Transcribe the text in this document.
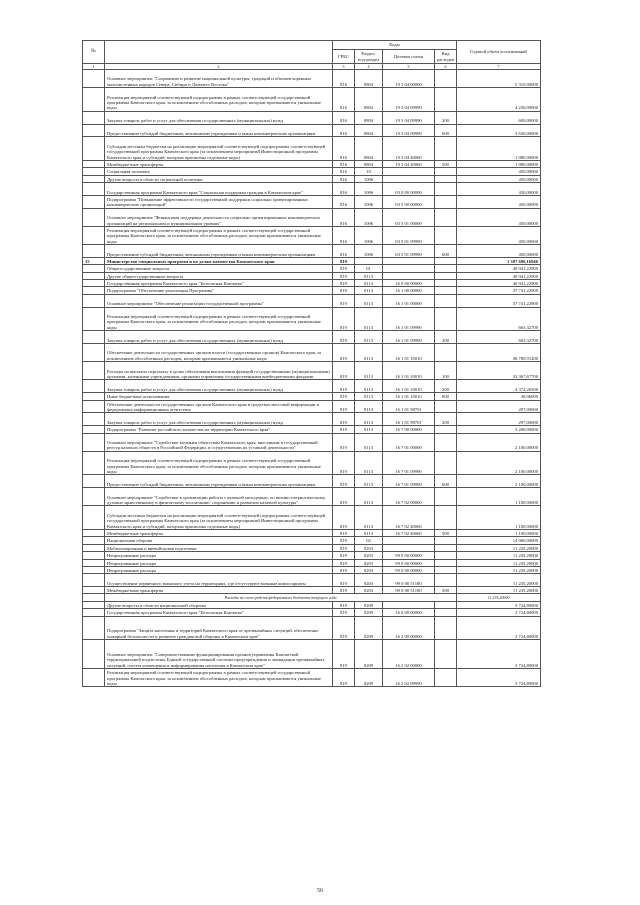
№		Коды				Годовой объем ассигнований
		ГРБС	Раздел, под-раздел	Целевая статья	Вид расходов	
1	2	3	4	5	6	7
	Основное мероприятие "Сохранение и развитие национальной культуры, традиций и обычаев коренных малочисленных народов Севера, Сибири и Дальнего Востока"	816	0804	19 3 04 00000		5 310,00000
	Реализация мероприятий соответствующей подпрограммы в рамках соответствующей государственной программы Камчатского края, за исключением обособленных расходов, которым присваиваются уникальные коды	816	0804	19 3 04 09990		4 230,00000
	Закупка товаров, работ и услуг для обеспечения государственных (муниципальных) нужд	816	0804	19 3 04 09990	200	600,00000
	Предоставление субсидий бюджетным, автономным учреждениям и иным некоммерческим организациям	816	0804	19 3 04 09990	600	3 630,00000
	Субсидии местным бюджетам на реализацию мероприятий соответствующей подпрограммы соответствующей государственной программы Камчатского края (за исключением мероприятий Инвестиционной программы Камчатского края и субсидий, которым присвоены отдельные коды)	816	0804	19 3 04 40060		1 080,00000
	Межбюджетные трансферты	816	0804	19 3 04 40060	500	1 080,00000
	Социальная политика	816	10			450,00000
	Другие вопросы в области социальной политики	816	1006			450,00000
	Государственная программа Камчатского края "Социальная поддержка граждан в Камчатском крае"	816	1006	03 0 00 00000		450,00000
	Подпрограмма "Повышение эффективности государственной поддержки социально ориентированных некоммерческих организаций"	816	1006	03 5 00 00000		450,00000
	Основное мероприятие "Финансовая поддержка деятельности социально ориентированных некоммерческих организаций на региональном и муниципальном уровнях"	816	1006	03 5 01 00000		450,00000
	Реализация мероприятий соответствующей подпрограммы в рамках соответствующей государственной программы Камчатского края, за исключением обособленных расходов, которым присваиваются уникальные коды	816	1006	03 5 01 09990		450,00000
	Предоставление субсидий бюджетным, автономным учреждениям и иным некоммерческим организациям	816	1006	03 5 01 09990	600	450,00000
15	Министерство специальных программ и по делам казачества Камчатского края	819				1 387 696,16946
	Общегосударственные вопросы	819	01			40 941,22900
	Другие общегосударственные вопросы	819	0113			40 941,22900
	Государственная программа Камчатского края "Безопасная Камчатка"	819	0113	16 0 00 00000		40 941,22900
	Подпрограмма "Обеспечение реализации Программы"	819	0113	16 1 00 00000		37 741,22900
	Основное мероприятие "Обеспечение реализации государственной программы"	819	0113	16 1 01 00000		37 741,22900
	Реализация мероприятий соответствующей подпрограммы в рамках соответствующей государственной программы Камчатского края, за исключением обособленных расходов, которым присваиваются уникальные коды	819	0113	16 1 01 09990		663,32700
	Закупка товаров, работ и услуг для обеспечения государственных (муниципальных) нужд	819	0113	16 1 01 09990	200	663,32700
	Обеспечение деятельности государственных органов власти (государственных органов) Камчатского края, за исключением обособленных расходов, которым присваиваются уникальные коды	819	0113	16 1 01 10010		36 780,91200
	Расходы на выплаты персоналу в целях обеспечения выполнения функций государственными (муниципальными) органами, казенными учреждениями, органами управления государственными внебюджетными фондами	819	0113	16 1 01 10010	100	32 367,67700
	Закупка товаров, работ и услуг для обеспечения государственных (муниципальных) нужд	819	0113	16 1 01 10010	200	4 372,26500
	Иные бюджетные ассигнования	819	0113	16 1 01 10010	800	38,96000
	Обеспечение деятельности государственных органов Камчатского края в средствах массовой информации и федеральных информационных агентствах	819	0113	16 1 01 98701		297,00000
	Закупка товаров, работ и услуг для обеспечения государственных (муниципальных) нужд	819	0113	16 1 01 98701	200	297,00000
	Подпрограмма "Развитие российского казачества на территории Камчатского края"	819	0113	16 7 00 00000		3 200,00000
	Основное мероприятие "Содействие казачьим обществам Камчатского края, внесенным в государственный реестр казачьих обществ в Российской Федерации, в осуществлении их уставной деятельности"	819	0113	16 7 01 00000		2 100,00000
	Реализация мероприятий соответствующей подпрограммы в рамках соответствующей государственной программы Камчатского края, за исключением обособленных расходов, которым присваиваются уникальные коды	819	0113	16 7 01 09990		2 100,00000
	Предоставление субсидий бюджетным, автономным учреждениям и иным некоммерческим организациям	819	0113	16 7 01 09990	600	2 100,00000
	Основное мероприятие "Содействие в организации работы с казачьей молодежью, по военно-патриотическому, духовно-нравственному и физическому воспитанию, сохранению и развитию казачьей культуры"	819	0113	16 7 02 00000		1 100,00000
	Субсидии местным бюджетам на реализацию мероприятий соответствующей подпрограммы соответствующей государственной программы Камчатского края (за исключением мероприятий Инвестиционной программы Камчатского края и субсидий, которым присвоены отдельные коды)	819	0113	16 7 02 40060		1 100,00000
	Межбюджетные трансферты	819	0113	16 7 02 40060	500	1 100,00000
	Национальная оборона	819	02			14 960,00000
	Мобилизационная и вневойсковая подготовка	819	0203			11 235,20000
	Непрограммные расходы	819	0203	99 0 00 00000		11 235,20000
	Непрограммные расходы	819	0203	99 0 00 00000		11 235,20000
	Непрограммные расходы	819	0203	99 0 00 00000		11 235,20000
	Осуществление первичного воинского учета на территориях, где отсутствуют военные комиссариаты	819	0203	99 0 00 51180		11 235,20000
	Межбюджетные трансферты	819	0203	99 0 00 51180	500	11 235,20000
	Расходы за счет средств федерального бюджета текущего года					11 235,20000
	Другие вопросы в области национальной обороны	819	0209			3 724,80000
	Государственная программа Камчатского края "Безопасная Камчатка"	819	0209	16 0 00 00000		3 724,80000
	Подпрограмма "Защита населения и территорий Камчатского края от чрезвычайных ситуаций, обеспечение пожарной безопасности и развитие гражданской обороны в Камчатском крае"	819	0209	16 2 00 00000		3 724,80000
	Основное мероприятие "Совершенствование функционирования органов управления Камчатской территориальной подсистемы Единой государственной системы предупреждения и ликвидации чрезвычайных ситуаций, систем оповещения и информирования населения в Камчатском крае"	819	0209	16 2 02 00000		3 724,80000
	Реализация мероприятий соответствующей подпрограммы в рамках соответствующей государственной программы Камчатского края, за исключением обособленных расходов, которым присваиваются уникальные коды	819	0209	16 2 02 09990		3 724,80000
56
